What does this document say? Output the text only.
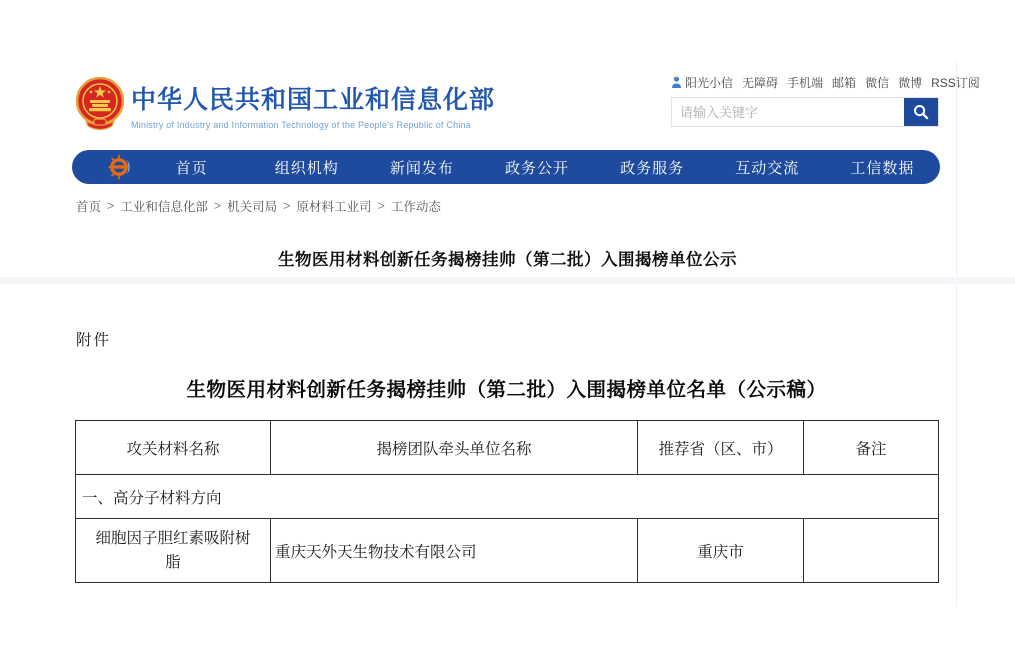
中华人民共和国工业和信息化部
Ministry of Industry and Information Technology of the People's Republic of China
阳光小信 无障碍 手机端 邮箱 微信 微博 RSS订阅
请输入关键字
首页	组织机构	新闻发布	政务公开	政务服务	互动交流	工信数据
首页 > 工业和信息化部 > 机关司局 > 原材料工业司 > 工作动态
生物医用材料创新任务揭榜挂帅（第二批）入围揭榜单位公示
附件
生物医用材料创新任务揭榜挂帅（第二批）入围揭榜单位名单（公示稿）
攻关材料名称	揭榜团队牵头单位名称	推荐省（区、市）	备注
一、高分子材料方向			
细胞因子胆红素吸附树脂	重庆天外天生物技术有限公司	重庆市	
